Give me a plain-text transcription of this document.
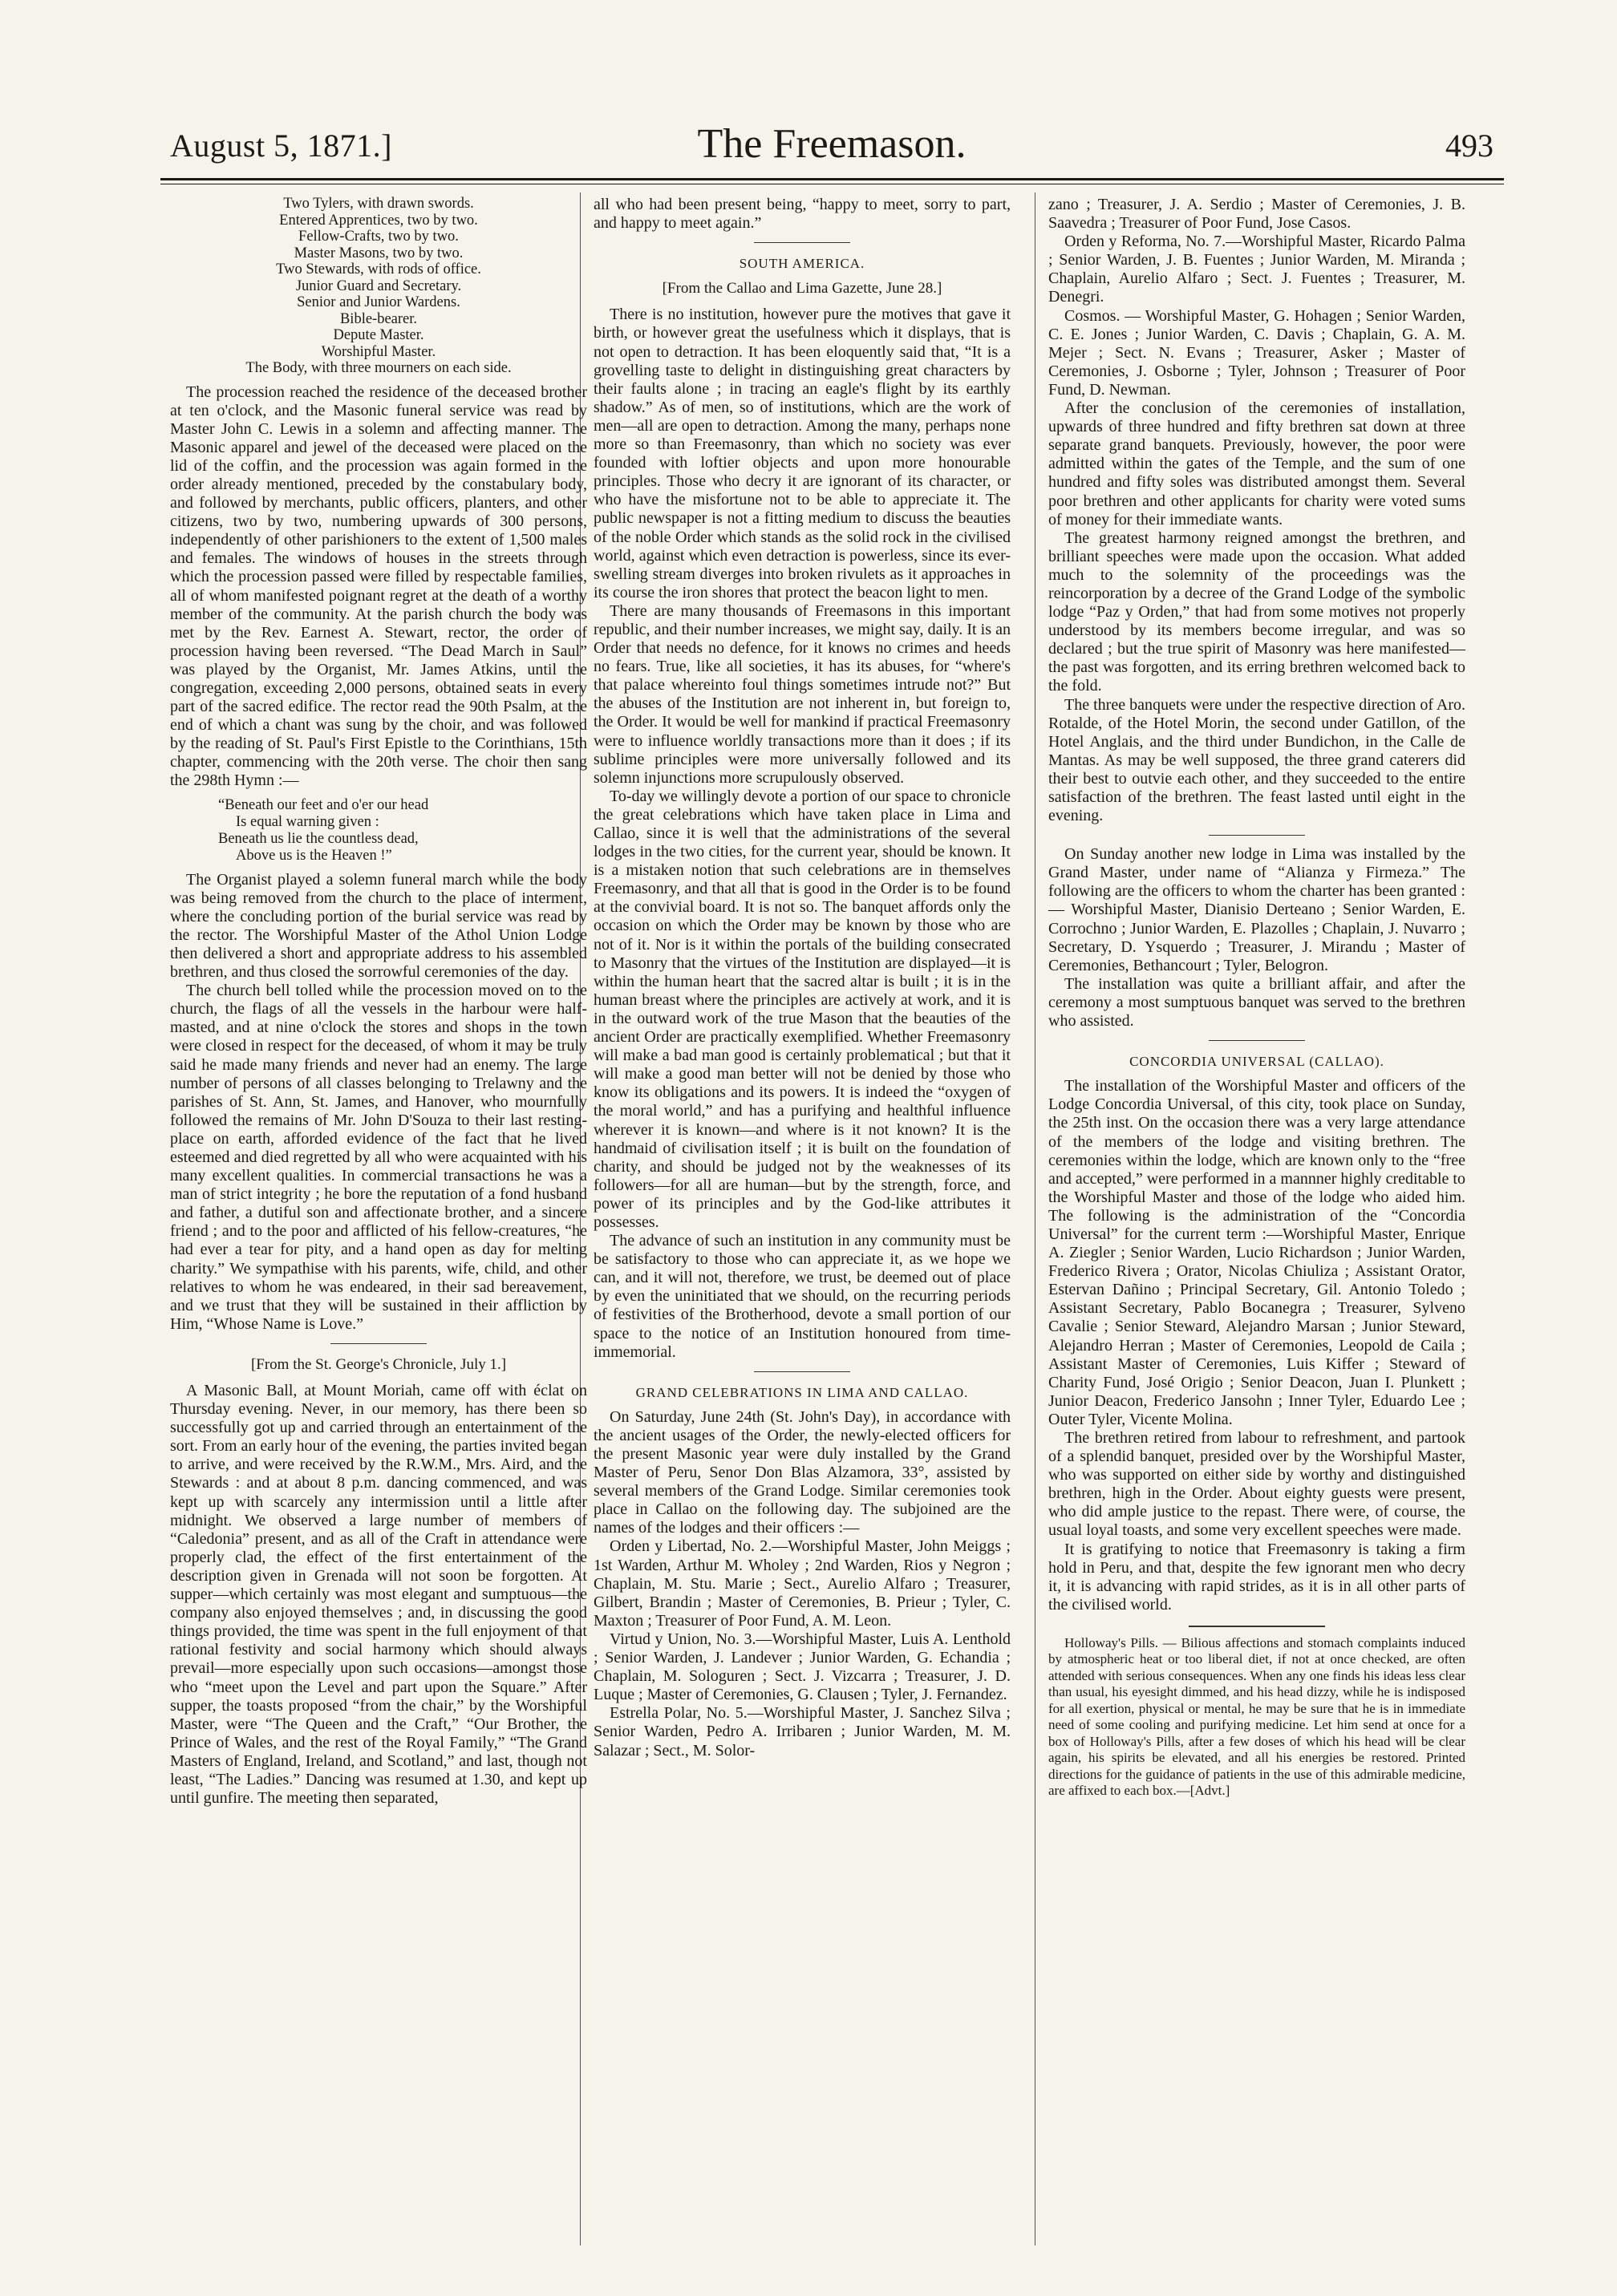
August 5, 1871.]	The Freemason.	493
Two Tylers, with drawn swords.
Entered Apprentices, two by two.
Fellow-Crafts, two by two.
Master Masons, two by two.
Two Stewards, with rods of office.
Junior Guard and Secretary.
Senior and Junior Wardens.
Bible-bearer.
Depute Master.
Worshipful Master.
The Body, with three mourners on each side.

The procession reached the residence of the deceased brother at ten o'clock, and the Masonic funeral service was read by Master John C. Lewis in a solemn and affecting manner. The Masonic apparel and jewel of the deceased were placed on the lid of the coffin, and the procession was again formed in the order already mentioned, preceded by the constabulary body, and followed by merchants, public officers, planters, and other citizens, two by two, numbering upwards of 300 persons, independently of other parishioners to the extent of 1,500 males and females. The windows of houses in the streets through which the procession passed were filled by respectable families, all of whom manifested poignant regret at the death of a worthy member of the community. At the parish church the body was met by the Rev. Earnest A. Stewart, rector, the order of procession having been reversed. “The Dead March in Saul” was played by the Organist, Mr. James Atkins, until the congregation, exceeding 2,000 persons, obtained seats in every part of the sacred edifice. The rector read the 90th Psalm, at the end of which a chant was sung by the choir, and was followed by the reading of St. Paul's First Epistle to the Corinthians, 15th chapter, commencing with the 20th verse. The choir then sang the 298th Hymn :—

“Beneath our feet and o'er our head
Is equal warning given :
Beneath us lie the countless dead,
Above us is the Heaven !”

The Organist played a solemn funeral march while the body was being removed from the church to the place of interment, where the concluding portion of the burial service was read by the rector. The Worshipful Master of the Athol Union Lodge then delivered a short and appropriate address to his assembled brethren, and thus closed the sorrowful ceremonies of the day.

The church bell tolled while the procession moved on to the church, the flags of all the vessels in the harbour were half-masted, and at nine o'clock the stores and shops in the town were closed in respect for the deceased, of whom it may be truly said he made many friends and never had an enemy. The large number of persons of all classes belonging to Trelawny and the parishes of St. Ann, St. James, and Hanover, who mournfully followed the remains of Mr. John D'Souza to their last resting-place on earth, afforded evidence of the fact that he lived esteemed and died regretted by all who were acquainted with his many excellent qualities. In commercial transactions he was a man of strict integrity ; he bore the reputation of a fond husband and father, a dutiful son and affectionate brother, and a sincere friend ; and to the poor and afflicted of his fellow-creatures, “he had ever a tear for pity, and a hand open as day for melting charity.” We sympathise with his parents, wife, child, and other relatives to whom he was endeared, in their sad bereavement, and we trust that they will be sustained in their affliction by Him, “Whose Name is Love.”

[From the St. George's Chronicle, July 1.]

A Masonic Ball, at Mount Moriah, came off with éclat on Thursday evening. Never, in our memory, has there been so successfully got up and carried through an entertainment of the sort. From an early hour of the evening, the parties invited began to arrive, and were received by the R.W.M., Mrs. Aird, and the Stewards : and at about 8 p.m. dancing commenced, and was kept up with scarcely any intermission until a little after midnight. We observed a large number of members of “Caledonia” present, and as all of the Craft in attendance were properly clad, the effect of the first entertainment of the description given in Grenada will not soon be forgotten. At supper—which certainly was most elegant and sumptuous—the company also enjoyed themselves ; and, in discussing the good things provided, the time was spent in the full enjoyment of that rational festivity and social harmony which should always prevail—more especially upon such occasions—amongst those who “meet upon the Level and part upon the Square.” After supper, the toasts proposed “from the chair,” by the Worshipful Master, were “The Queen and the Craft,” “Our Brother, the Prince of Wales, and the rest of the Royal Family,” “The Grand Masters of England, Ireland, and Scotland,” and last, though not least, “The Ladies.” Dancing was resumed at 1.30, and kept up until gunfire. The meeting then separated,

all who had been present being, “happy to meet, sorry to part, and happy to meet again.”

SOUTH AMERICA.

[From the Callao and Lima Gazette, June 28.]

There is no institution, however pure the motives that gave it birth, or however great the usefulness which it displays, that is not open to detraction. It has been eloquently said that, “It is a grovelling taste to delight in distinguishing great characters by their faults alone ; in tracing an eagle's flight by its earthly shadow.” As of men, so of institutions, which are the work of men—all are open to detraction. Among the many, perhaps none more so than Freemasonry, than which no society was ever founded with loftier objects and upon more honourable principles. Those who decry it are ignorant of its character, or who have the misfortune not to be able to appreciate it. The public newspaper is not a fitting medium to discuss the beauties of the noble Order which stands as the solid rock in the civilised world, against which even detraction is powerless, since its ever-swelling stream diverges into broken rivulets as it approaches in its course the iron shores that protect the beacon light to men.

There are many thousands of Freemasons in this important republic, and their number increases, we might say, daily. It is an Order that needs no defence, for it knows no crimes and heeds no fears. True, like all societies, it has its abuses, for “where's that palace whereinto foul things sometimes intrude not?” But the abuses of the Institution are not inherent in, but foreign to, the Order. It would be well for mankind if practical Freemasonry were to influence worldly transactions more than it does ; if its sublime principles were more universally followed and its solemn injunctions more scrupulously observed.

To-day we willingly devote a portion of our space to chronicle the great celebrations which have taken place in Lima and Callao, since it is well that the administrations of the several lodges in the two cities, for the current year, should be known. It is a mistaken notion that such celebrations are in themselves Freemasonry, and that all that is good in the Order is to be found at the convivial board. It is not so. The banquet affords only the occasion on which the Order may be known by those who are not of it. Nor is it within the portals of the building consecrated to Masonry that the virtues of the Institution are displayed—it is within the human heart that the sacred altar is built ; it is in the human breast where the principles are actively at work, and it is in the outward work of the true Mason that the beauties of the ancient Order are practically exemplified. Whether Freemasonry will make a bad man good is certainly problematical ; but that it will make a good man better will not be denied by those who know its obligations and its powers. It is indeed the “oxygen of the moral world,” and has a purifying and healthful influence wherever it is known—and where is it not known? It is the handmaid of civilisation itself ; it is built on the foundation of charity, and should be judged not by the weaknesses of its followers—for all are human—but by the strength, force, and power of its principles and by the God-like attributes it possesses.

The advance of such an institution in any community must be be satisfactory to those who can appreciate it, as we hope we can, and it will not, therefore, we trust, be deemed out of place by even the uninitiated that we should, on the recurring periods of festivities of the Brotherhood, devote a small portion of our space to the notice of an Institution honoured from time-immemorial.

GRAND CELEBRATIONS IN LIMA AND CALLAO.

On Saturday, June 24th (St. John's Day), in accordance with the ancient usages of the Order, the newly-elected officers for the present Masonic year were duly installed by the Grand Master of Peru, Senor Don Blas Alzamora, 33°, assisted by several members of the Grand Lodge. Similar ceremonies took place in Callao on the following day. The subjoined are the names of the lodges and their officers :—

Orden y Libertad, No. 2.—Worshipful Master, John Meiggs ; 1st Warden, Arthur M. Wholey ; 2nd Warden, Rios y Negron ; Chaplain, M. Stu. Marie ; Sect., Aurelio Alfaro ; Treasurer, Gilbert, Brandin ; Master of Ceremonies, B. Prieur ; Tyler, C. Maxton ; Treasurer of Poor Fund, A. M. Leon.

Virtud y Union, No. 3.—Worshipful Master, Luis A. Lenthold ; Senior Warden, J. Landever ; Junior Warden, G. Echandia ; Chaplain, M. Sologuren ; Sect. J. Vizcarra ; Treasurer, J. D. Luque ; Master of Ceremonies, G. Clausen ; Tyler, J. Fernandez.

Estrella Polar, No. 5.—Worshipful Master, J. Sanchez Silva ; Senior Warden, Pedro A. Irribaren ; Junior Warden, M. M. Salazar ; Sect., M. Solor-

zano ; Treasurer, J. A. Serdio ; Master of Ceremonies, J. B. Saavedra ; Treasurer of Poor Fund, Jose Casos.

Orden y Reforma, No. 7.—Worshipful Master, Ricardo Palma ; Senior Warden, J. B. Fuentes ; Junior Warden, M. Miranda ; Chaplain, Aurelio Alfaro ; Sect. J. Fuentes ; Treasurer, M. Denegri.

Cosmos. — Worshipful Master, G. Hohagen ; Senior Warden, C. E. Jones ; Junior Warden, C. Davis ; Chaplain, G. A. M. Mejer ; Sect. N. Evans ; Treasurer, Asker ; Master of Ceremonies, J. Osborne ; Tyler, Johnson ; Treasurer of Poor Fund, D. Newman.

After the conclusion of the ceremonies of installation, upwards of three hundred and fifty brethren sat down at three separate grand banquets. Previously, however, the poor were admitted within the gates of the Temple, and the sum of one hundred and fifty soles was distributed amongst them. Several poor brethren and other applicants for charity were voted sums of money for their immediate wants.

The greatest harmony reigned amongst the brethren, and brilliant speeches were made upon the occasion. What added much to the solemnity of the proceedings was the reincorporation by a decree of the Grand Lodge of the symbolic lodge “Paz y Orden,” that had from some motives not properly understood by its members become irregular, and was so declared ; but the true spirit of Masonry was here manifested—the past was forgotten, and its erring brethren welcomed back to the fold.

The three banquets were under the respective direction of Aro. Rotalde, of the Hotel Morin, the second under Gatillon, of the Hotel Anglais, and the third under Bundichon, in the Calle de Mantas. As may be well supposed, the three grand caterers did their best to outvie each other, and they succeeded to the entire satisfaction of the brethren. The feast lasted until eight in the evening.

On Sunday another new lodge in Lima was installed by the Grand Master, under name of “Alianza y Firmeza.” The following are the officers to whom the charter has been granted :— Worshipful Master, Dianisio Derteano ; Senior Warden, E. Corrochno ; Junior Warden, E. Plazolles ; Chaplain, J. Nuvarro ; Secretary, D. Ysquerdo ; Treasurer, J. Mirandu ; Master of Ceremonies, Bethancourt ; Tyler, Belogron.

The installation was quite a brilliant affair, and after the ceremony a most sumptuous banquet was served to the brethren who assisted.

CONCORDIA UNIVERSAL (CALLAO).

The installation of the Worshipful Master and officers of the Lodge Concordia Universal, of this city, took place on Sunday, the 25th inst. On the occasion there was a very large attendance of the members of the lodge and visiting brethren. The ceremonies within the lodge, which are known only to the “free and accepted,” were performed in a mannner highly creditable to the Worshipful Master and those of the lodge who aided him. The following is the administration of the “Concordia Universal” for the current term :—Worshipful Master, Enrique A. Ziegler ; Senior Warden, Lucio Richardson ; Junior Warden, Frederico Rivera ; Orator, Nicolas Chiuliza ; Assistant Orator, Estervan Dañino ; Principal Secretary, Gil. Antonio Toledo ; Assistant Secretary, Pablo Bocanegra ; Treasurer, Sylveno Cavalie ; Senior Steward, Alejandro Marsan ; Junior Steward, Alejandro Herran ; Master of Ceremonies, Leopold de Caila ; Assistant Master of Ceremonies, Luis Kiffer ; Steward of Charity Fund, José Origio ; Senior Deacon, Juan I. Plunkett ; Junior Deacon, Frederico Jansohn ; Inner Tyler, Eduardo Lee ; Outer Tyler, Vicente Molina.

The brethren retired from labour to refreshment, and partook of a splendid banquet, presided over by the Worshipful Master, who was supported on either side by worthy and distinguished brethren, high in the Order. About eighty guests were present, who did ample justice to the repast. There were, of course, the usual loyal toasts, and some very excellent speeches were made.

It is gratifying to notice that Freemasonry is taking a firm hold in Peru, and that, despite the few ignorant men who decry it, it is advancing with rapid strides, as it is in all other parts of the civilised world.

Holloway's Pills. — Bilious affections and stomach complaints induced by atmospheric heat or too liberal diet, if not at once checked, are often attended with serious consequences. When any one finds his ideas less clear than usual, his eyesight dimmed, and his head dizzy, while he is indisposed for all exertion, physical or mental, he may be sure that he is in immediate need of some cooling and purifying medicine. Let him send at once for a box of Holloway's Pills, after a few doses of which his head will be clear again, his spirits be elevated, and all his energies be restored. Printed directions for the guidance of patients in the use of this admirable medicine, are affixed to each box.—[Advt.]
